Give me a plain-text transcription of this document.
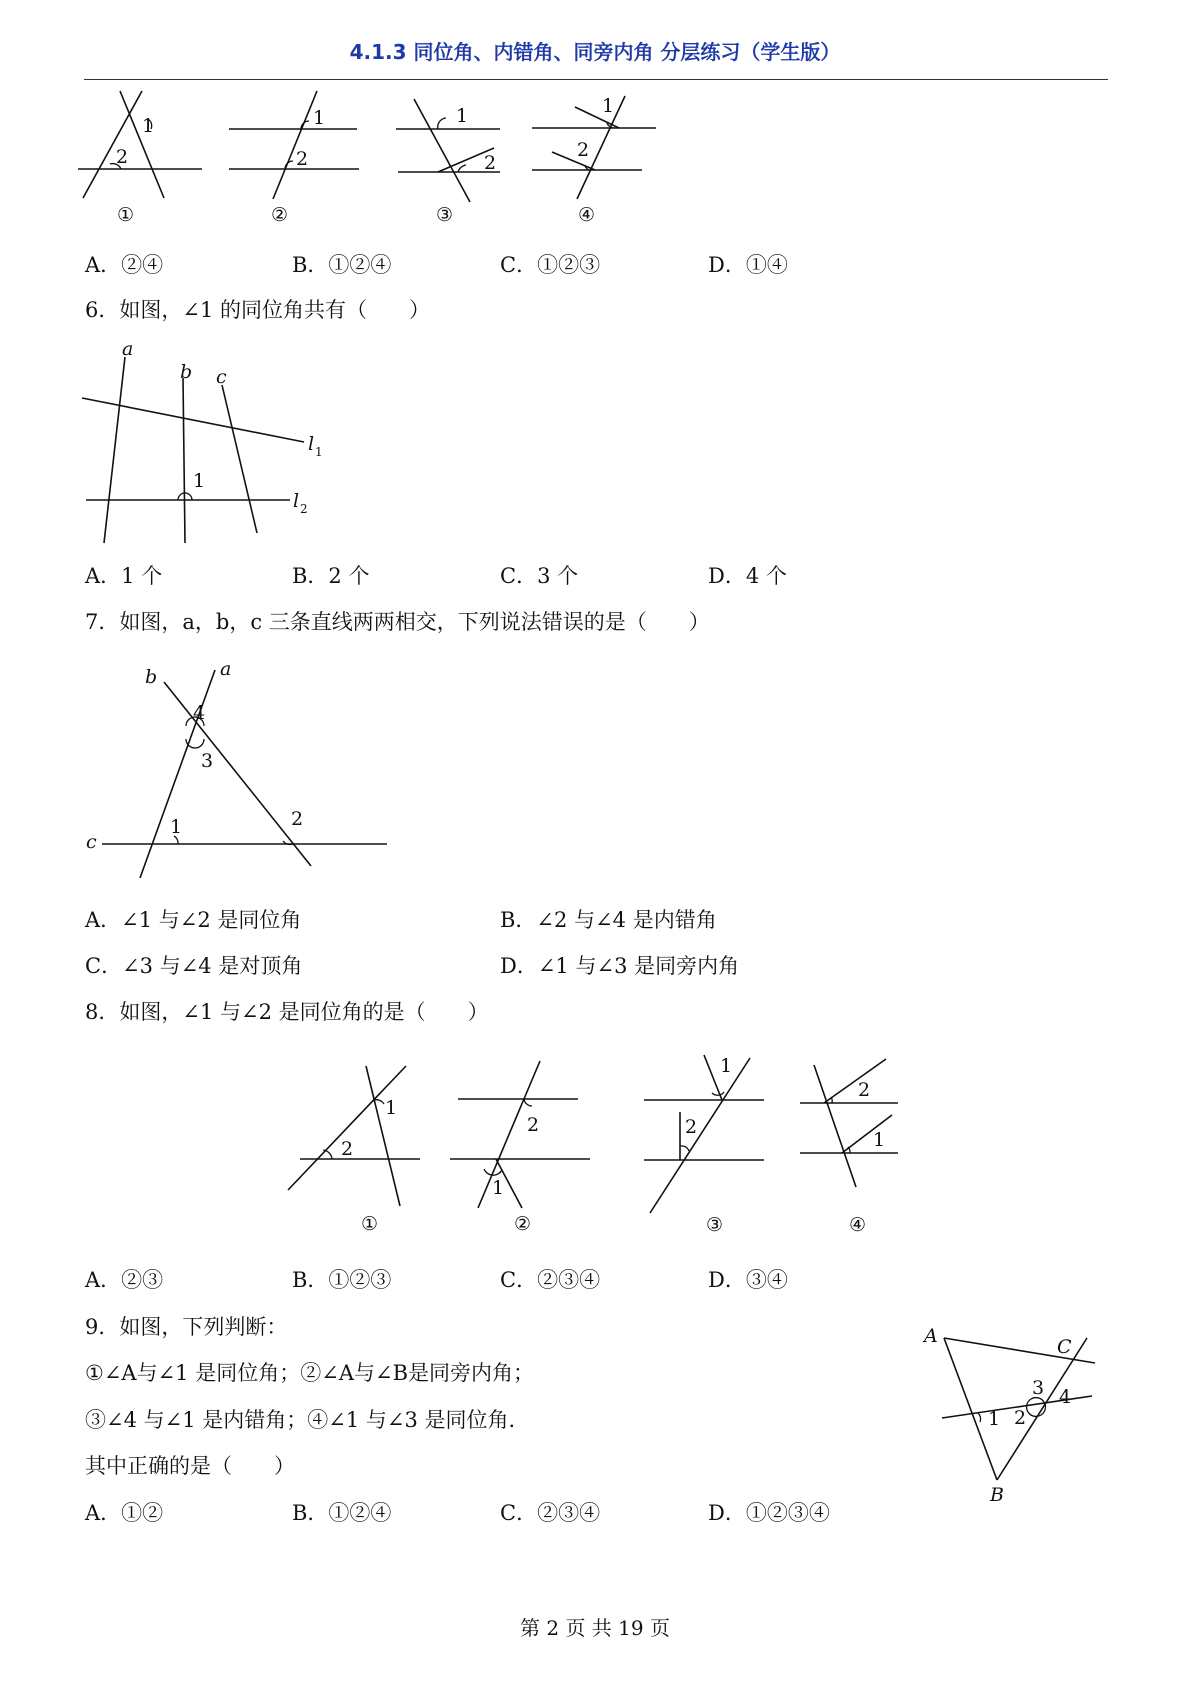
4.1.3 同位角、内错角、同旁内角 分层练习（学生版）
1
2
①
1
2
②
1
2
③
1
2
④
A．②④	B．①②④	C．①②③	D．①④
6．如图，∠1 的同位角共有（　　）
a
b c
l 1
l 2
1
A．1 个	B．2 个	C．3 个	D．4 个
7．如图，a，b，c 三条直线两两相交，下列说法错误的是（　　）
b	a
c
4
3
1	2
A．∠1 与∠2 是同位角	B．∠2 与∠4 是内错角
C．∠3 与∠4 是对顶角	D．∠1 与∠3 是同旁内角
8．如图，∠1 与∠2 是同位角的是（　　）
1
2
①
2
1
②
1
2
③
2
1
④
A．②③	B．①②③	C．②③④	D．③④
9．如图，下列判断：
①∠A与∠1 是同位角；②∠A与∠B是同旁内角；
③∠4 与∠1 是内错角；④∠1 与∠3 是同位角．
其中正确的是（　　）
A	C
B
1 2
3 4
A．①②	B．①②④	C．②③④	D．①②③④
第 2 页 共 19 页
